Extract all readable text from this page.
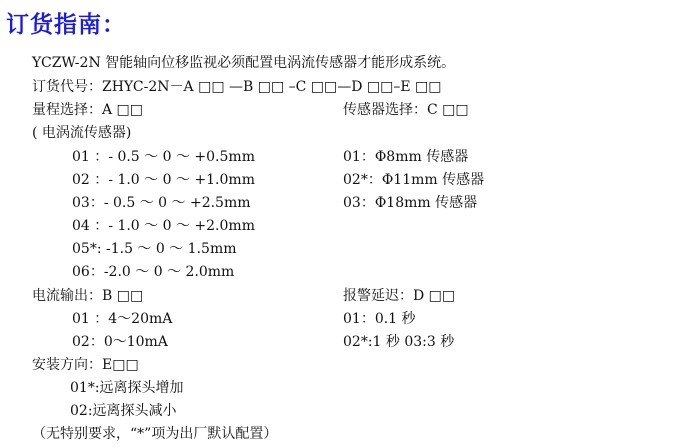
订货指南：
YCZW-2N 智能轴向位移监视必须配置电涡流传感器才能形成系统。
订货代号：ZHYC-2N－A □□ —B □□ –C □□—D □□–E □□
量程选择：A □□	传感器选择：C □□
( 电涡流传感器)
01 ：- 0.5 ～ 0 ～ +0.5mm	01：Φ8mm 传感器
02 ：- 1.0 ～ 0 ～ +1.0mm	02*：Φ11mm 传感器
03：- 0.5 ～ 0 ～ +2.5mm	03：Φ18mm 传感器
04 ：- 1.0 ～ 0 ～ +2.0mm
05*: -1.5 ～ 0 ～ 1.5mm
06：-2.0 ～ 0 ～ 2.0mm
电流输出：B □□	报警延迟：D □□
01 ：4～20mA	01：0.1 秒
02：0～10mA	02*:1 秒 03:3 秒
安装方向：E□□
01*:远离探头增加
02:远离探头减小
（无特别要求，“*”项为出厂默认配置）
